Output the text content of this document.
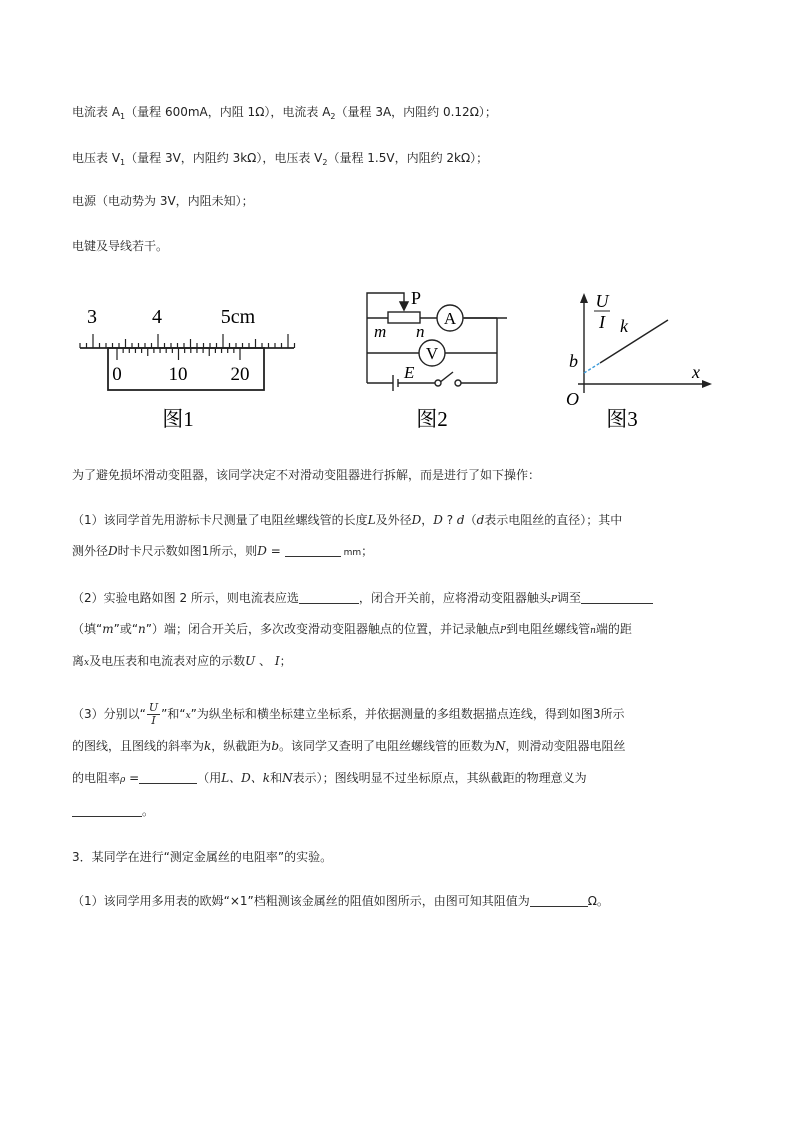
电流表 $A_1$（量程 600mA，内阻 1Ω），电流表 $A_2$（量程 3A，内阻约 0.12Ω）；
电压表 $V_1$（量程 3V，内阻约 3kΩ），电压表 $V_2$（量程 1.5V，内阻约 2kΩ）；
电源（电动势为 3V，内阻未知）；
电键及导线若干。
3	4	5cm
0 10 20
图1
A
V
P
m n
E
图2
U
I k
b
x
O
图3
为了避免损坏滑动变阻器，该同学决定不对滑动变阻器进行拆解，而是进行了如下操作：
（1）该同学首先用游标卡尺测量了电阻丝螺线管的长度L及外径D，D ? d（d表示电阻丝的直径）；其中
测外径D时卡尺示数如图1所示，则D =	mm；
（2）实验电路如图 2 所示，则电流表应选	，闭合开关前，应将滑动变阻器触头P调至
（填“m”或“n”）端；闭合开关后，多次改变滑动变阻器触点的位置，并记录触点P到电阻丝螺线管n端的距
离x及电压表和电流表对应的示数U 、 I；
（3）分别以“ $\frac{U}{I}$ ”和“x”为纵坐标和横坐标建立坐标系，并依据测量的多组数据描点连线，得到如图3所示
的图线，且图线的斜率为k，纵截距为b。该同学又查明了电阻丝螺线管的匝数为N，则滑动变阻器电阻丝
的电阻率ρ =	（用L、D、k和N表示）；图线明显不过坐标原点，其纵截距的物理意义为
。
3．某同学在进行“测定金属丝的电阻率”的实验。
（1）该同学用多用表的欧姆“×1”档粗测该金属丝的阻值如图所示，由图可知其阻值为	Ω。
